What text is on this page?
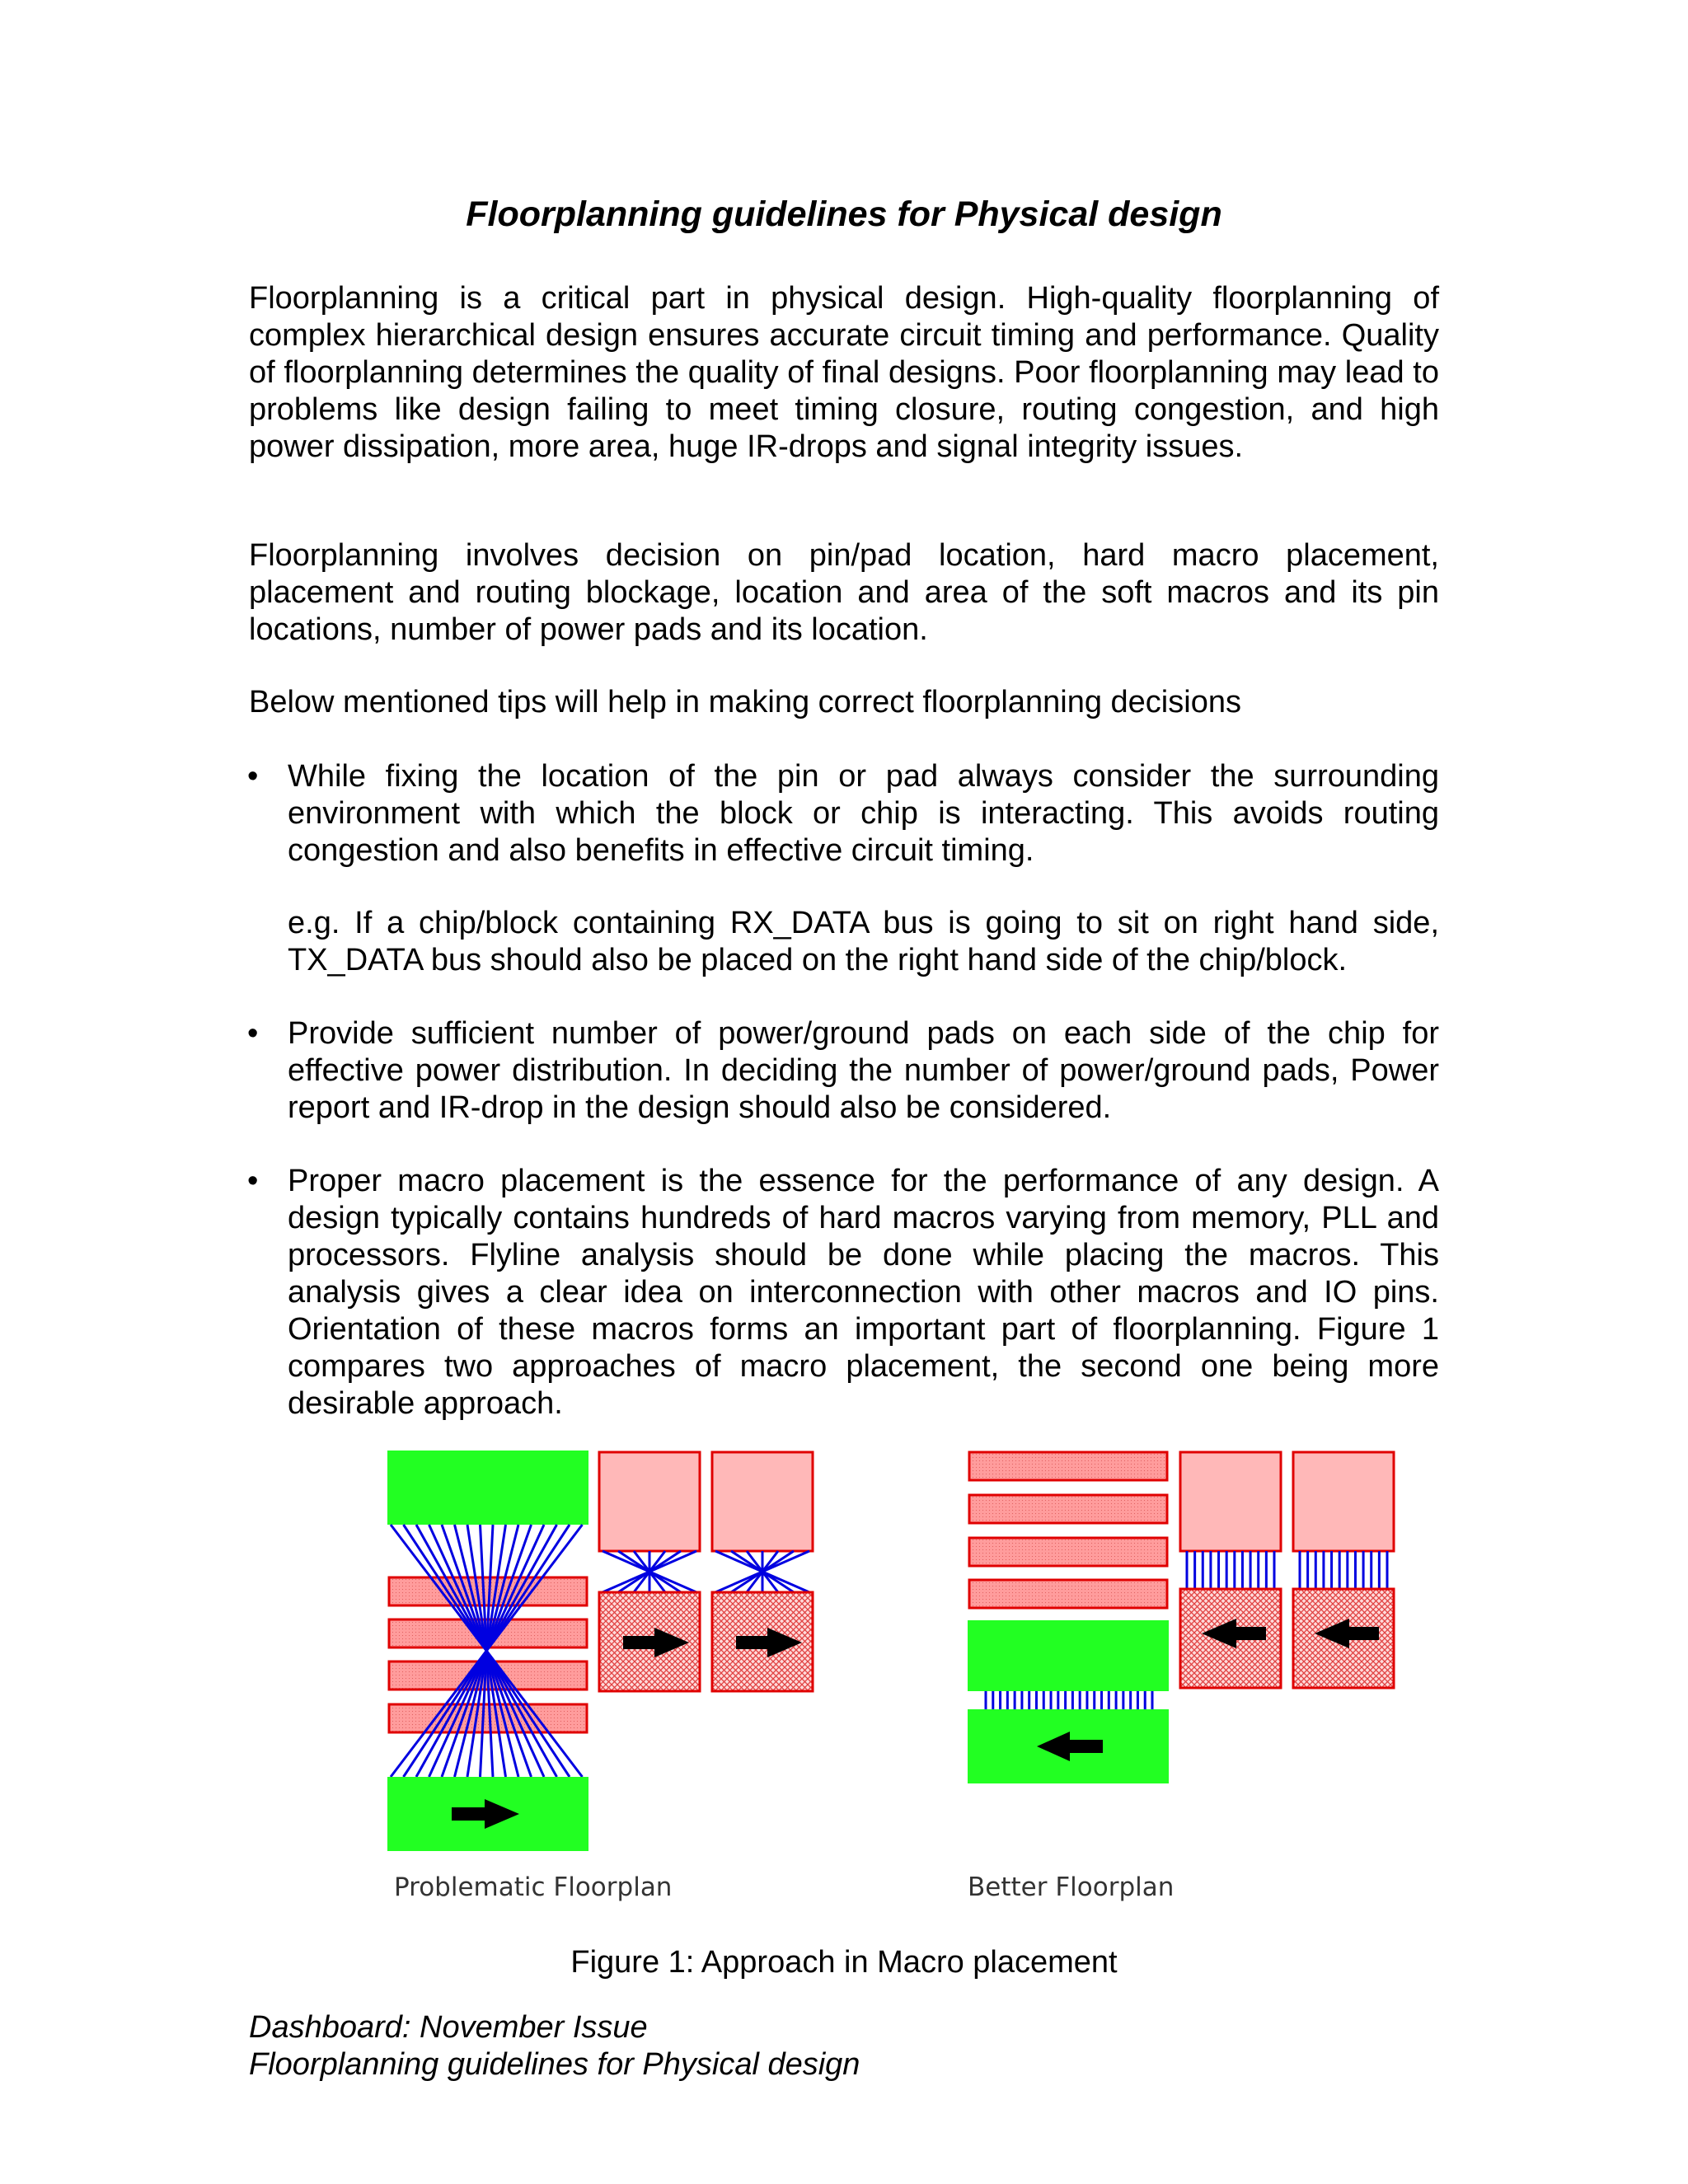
Floorplanning guidelines for Physical design

Floorplanning is a critical part in physical design. High-quality floorplanning of complex hierarchical design ensures accurate circuit timing and performance. Quality of floorplanning determines the quality of final designs. Poor floorplanning may lead to problems like design failing to meet timing closure, routing congestion, and high power dissipation, more area, huge IR-drops and signal integrity issues.

Floorplanning involves decision on pin/pad location, hard macro placement, placement and routing blockage, location and area of the soft macros and its pin locations, number of power pads and its location.

Below mentioned tips will help in making correct floorplanning decisions

• While fixing the location of the pin or pad always consider the surrounding environment with which the block or chip is interacting. This avoids routing congestion and also benefits in effective circuit timing.

e.g. If a chip/block containing RX_DATA bus is going to sit on right hand side, TX_DATA bus should also be placed on the right hand side of the chip/block.

• Provide sufficient number of power/ground pads on each side of the chip for effective power distribution. In deciding the number of power/ground pads, Power report and IR-drop in the design should also be considered.

• Proper macro placement is the essence for the performance of any design. A design typically contains hundreds of hard macros varying from memory, PLL and processors. Flyline analysis should be done while placing the macros. This analysis gives a clear idea on interconnection with other macros and IO pins. Orientation of these macros forms an important part of floorplanning. Figure 1 compares two approaches of macro placement, the second one being more desirable approach.

Problematic Floorplan	Better Floorplan
Figure 1: Approach in Macro placement
Dashboard: November Issue
Floorplanning guidelines for Physical design
